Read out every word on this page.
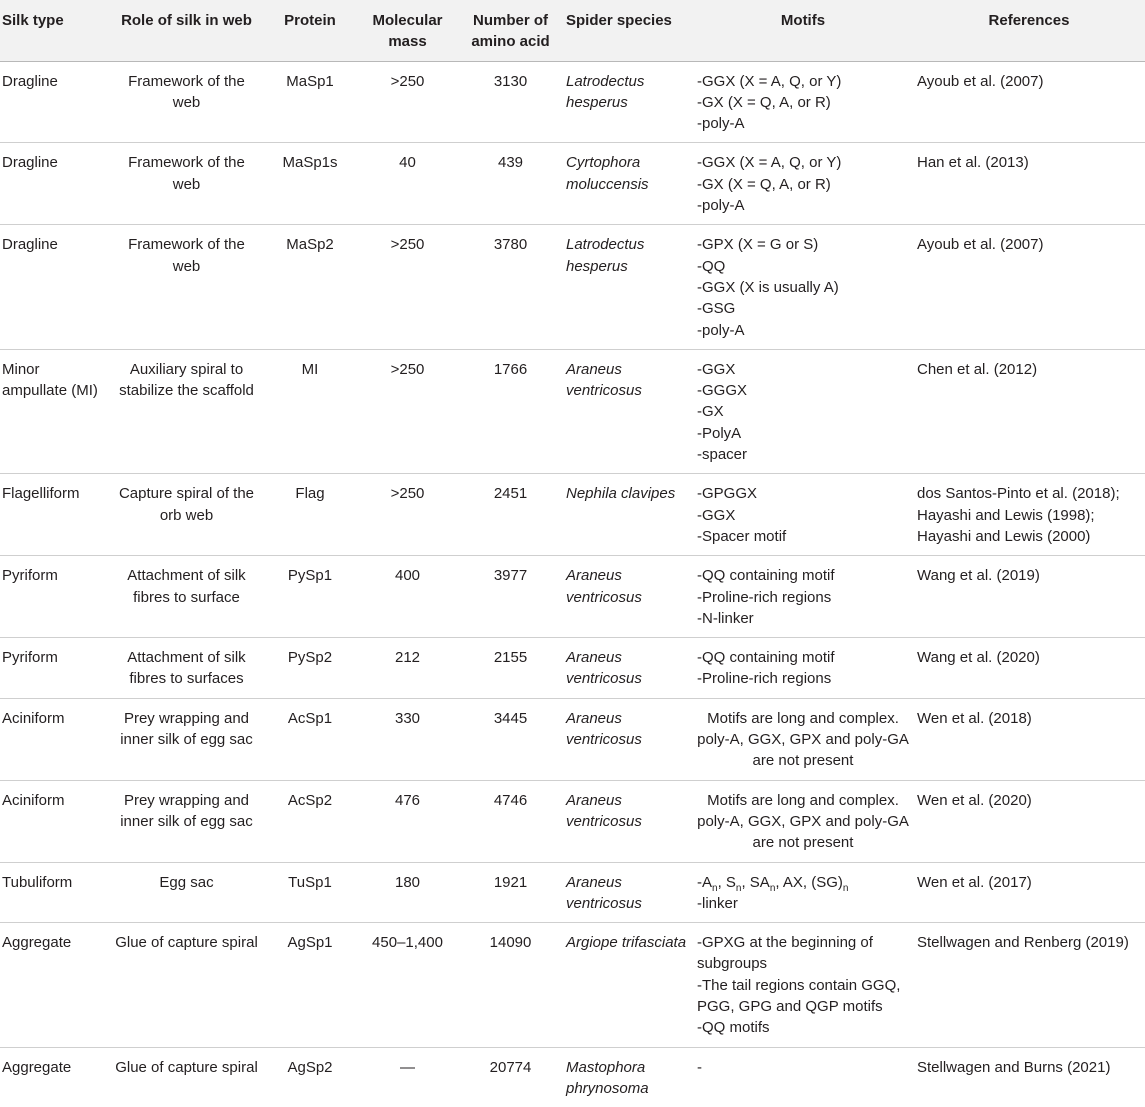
Silk type	Role of silk in web	Protein	Molecular mass	Number of amino acid	Spider species	Motifs	References
Dragline	Framework of the web	MaSp1	>250	3130	Latrodectus hesperus	-GGX (X = A, Q, or Y)
-GX (X = Q, A, or R)
-poly-A	Ayoub et al. (2007)

Dragline	Framework of the web	MaSp1s	40	439	Cyrtophora moluccensis	-GGX (X = A, Q, or Y)
-GX (X = Q, A, or R)
-poly-A	Han et al. (2013)

Dragline	Framework of the web	MaSp2	>250	3780	Latrodectus hesperus	-GPX (X = G or S)
-QQ
-GGX (X is usually A)
-GSG
-poly-A	Ayoub et al. (2007)

Minor ampullate (MI)	Auxiliary spiral to stabilize the scaffold	MI	>250	1766	Araneus ventricosus	-GGX
-GGGX
-GX
-PolyA
-spacer	Chen et al. (2012)

Flagelliform	Capture spiral of the orb web	Flag	>250	2451	Nephila clavipes	-GPGGX
-GGX
-Spacer motif	dos Santos-Pinto et al. (2018);
Hayashi and Lewis (1998);
Hayashi and Lewis (2000)

Pyriform	Attachment of silk fibres to surface	PySp1	400	3977	Araneus ventricosus	-QQ containing motif
-Proline-rich regions
-N-linker	Wang et al. (2019)

Pyriform	Attachment of silk fibres to surfaces	PySp2	212	2155	Araneus ventricosus	-QQ containing motif
-Proline-rich regions	Wang et al. (2020)

Aciniform	Prey wrapping and inner silk of egg sac	AcSp1	330	3445	Araneus ventricosus	Motifs are long and complex. poly-A, GGX, GPX and poly-GA are not present	Wen et al. (2018)

Aciniform	Prey wrapping and inner silk of egg sac	AcSp2	476	4746	Araneus ventricosus	Motifs are long and complex. poly-A, GGX, GPX and poly-GA are not present	Wen et al. (2020)

Tubuliform	Egg sac	TuSp1	180	1921	Araneus ventricosus	$-A_n$, $S_n$, $SA_n$, AX, $(SG)_n$
-linker	Wen et al. (2017)

Aggregate	Glue of capture spiral	AgSp1	450–1,400	14090	Argiope trifasciata	-GPXG at the beginning of subgroups
-The tail regions contain GGQ, PGG, GPG and QGP motifs
-QQ motifs	Stellwagen and Renberg (2019)

Aggregate	Glue of capture spiral	AgSp2	—	20774	Mastophora phrynosoma	-	Stellwagen and Burns (2021)
